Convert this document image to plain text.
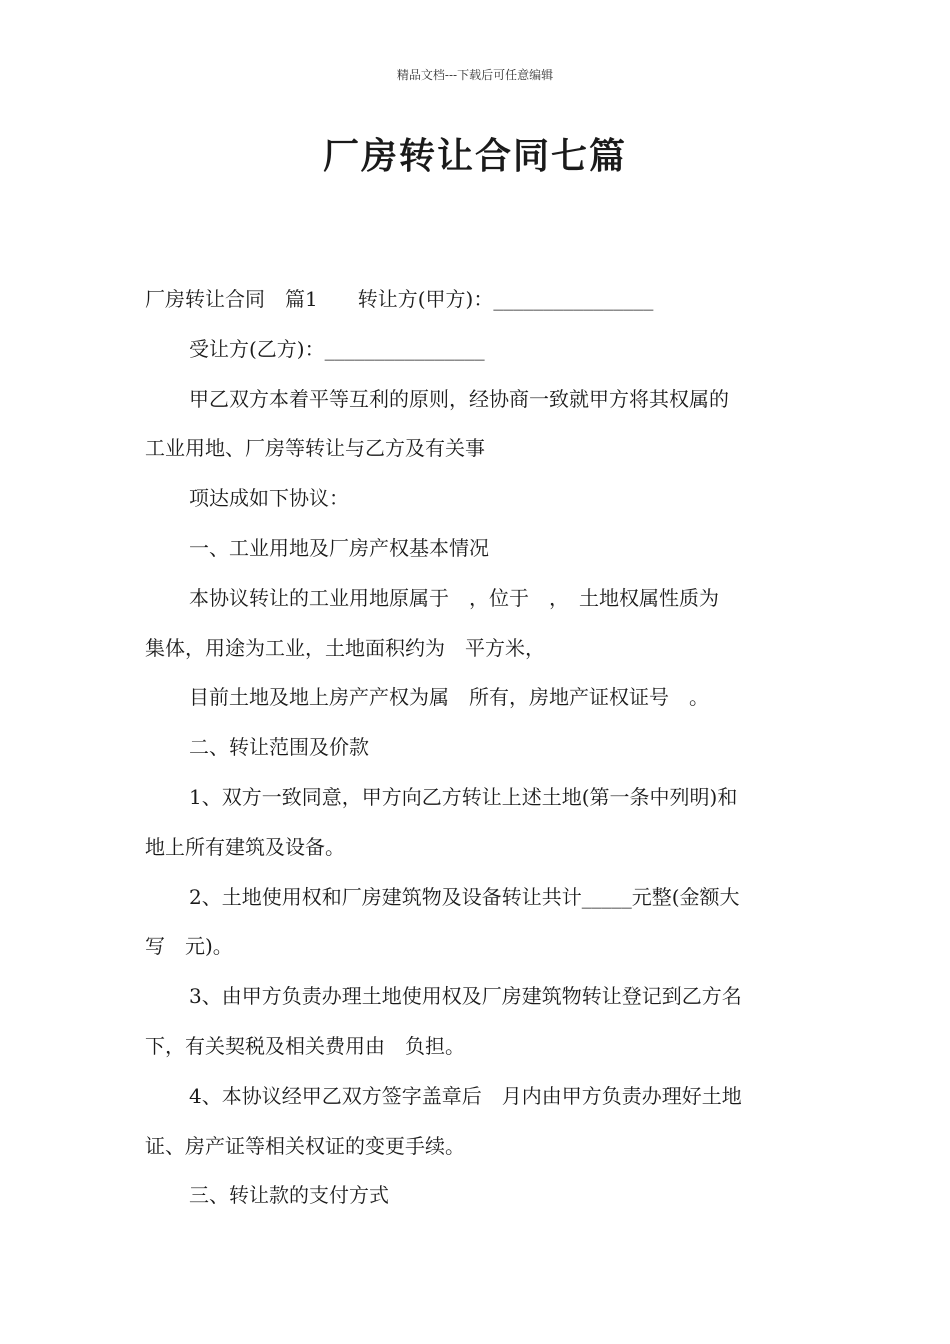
精品文档---下载后可任意编辑
厂房转让合同七篇
厂房转让合同　篇1　　转让方(甲方)：________________
受让方(乙方)：________________
甲乙双方本着平等互利的原则，经协商一致就甲方将其权属的
工业用地、厂房等转让与乙方及有关事
项达成如下协议：
一、工业用地及厂房产权基本情况
本协议转让的工业用地原属于　，位于　，　土地权属性质为
集体，用途为工业，土地面积约为　平方米，
目前土地及地上房产产权为属　所有，房地产证权证号　。
二、转让范围及价款
1、双方一致同意，甲方向乙方转让上述土地(第一条中列明)和
地上所有建筑及设备。
2、土地使用权和厂房建筑物及设备转让共计_____元整(金额大
写　元)。
3、由甲方负责办理土地使用权及厂房建筑物转让登记到乙方名
下，有关契税及相关费用由　负担。
4、本协议经甲乙双方签字盖章后　月内由甲方负责办理好土地
证、房产证等相关权证的变更手续。
三、转让款的支付方式
